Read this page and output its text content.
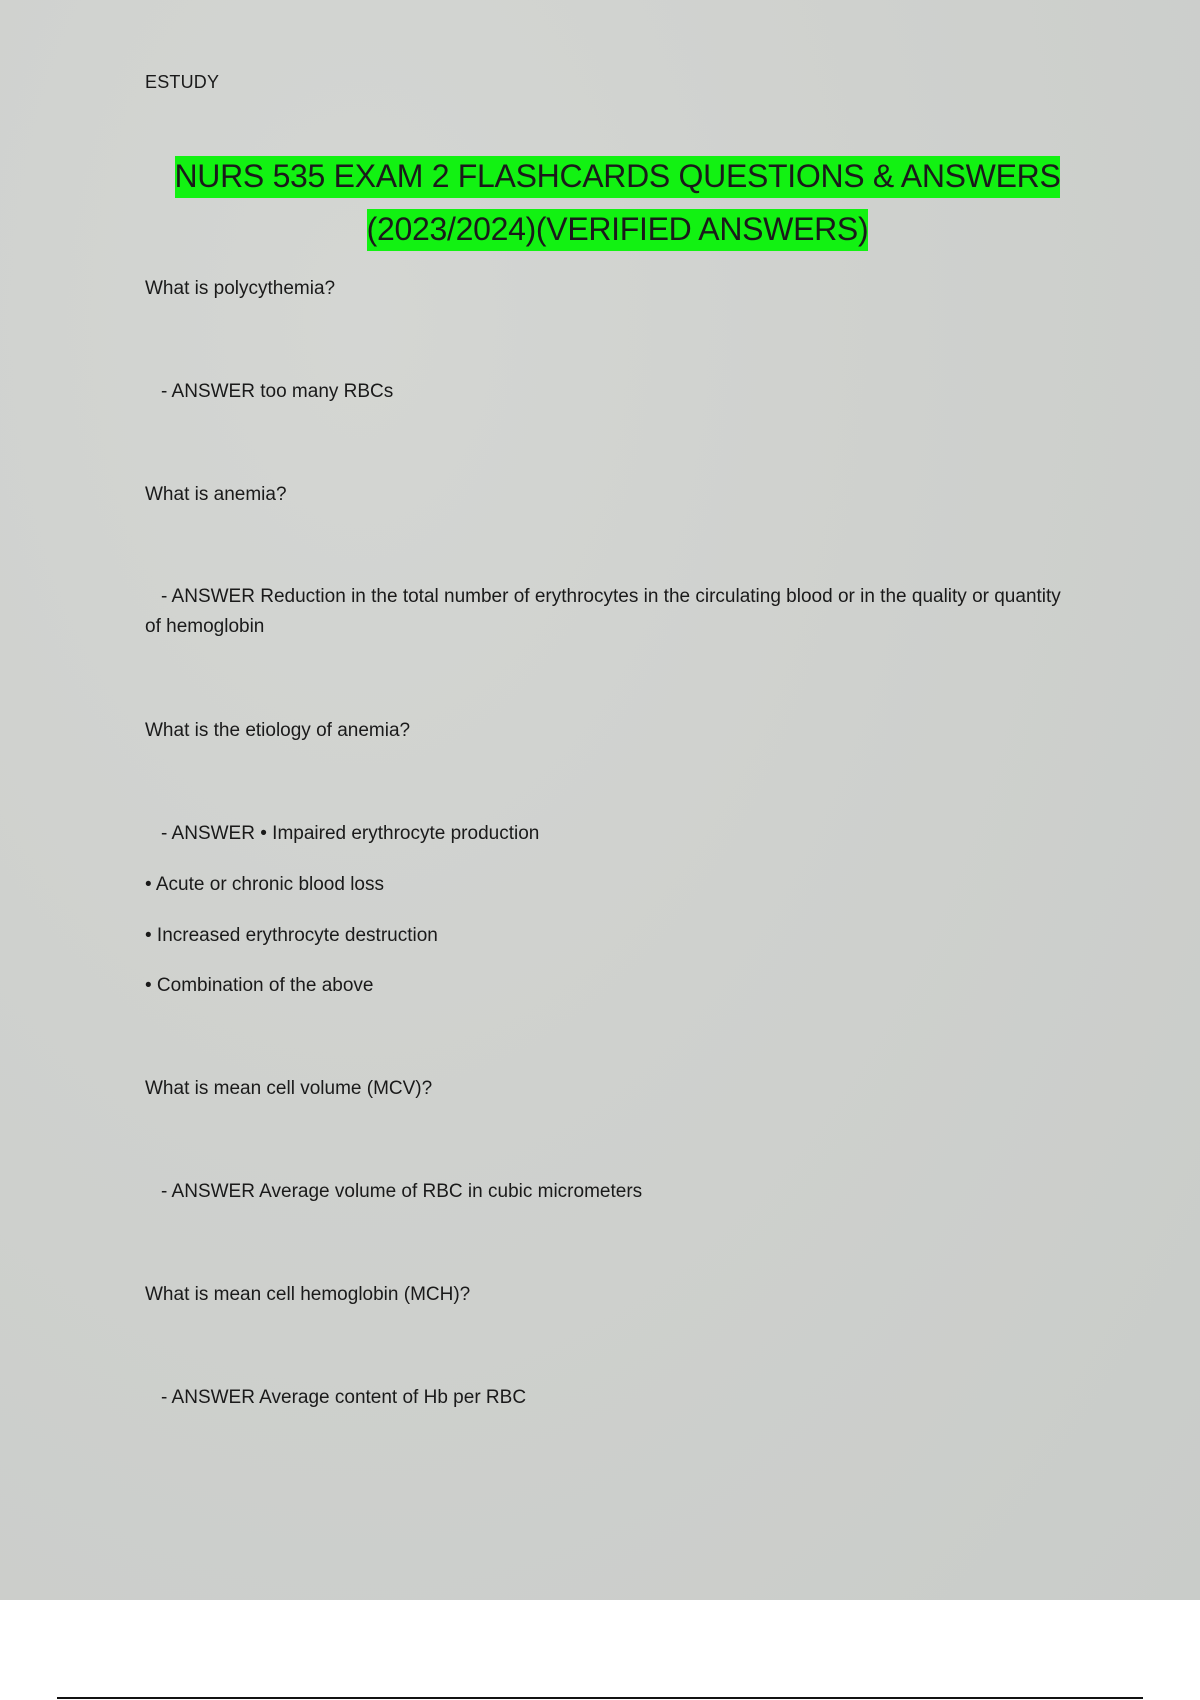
ESTUDY
NURS 535 EXAM 2 FLASHCARDS QUESTIONS & ANSWERS
(2023/2024)(VERIFIED ANSWERS)
What is polycythemia?
- ANSWER too many RBCs
What is anemia?
- ANSWER Reduction in the total number of erythrocytes in the circulating blood or in the quality or quantity of hemoglobin
What is the etiology of anemia?
- ANSWER • Impaired erythrocyte production
• Acute or chronic blood loss
• Increased erythrocyte destruction
• Combination of the above
What is mean cell volume (MCV)?
- ANSWER Average volume of RBC in cubic micrometers
What is mean cell hemoglobin (MCH)?
- ANSWER Average content of Hb per RBC
